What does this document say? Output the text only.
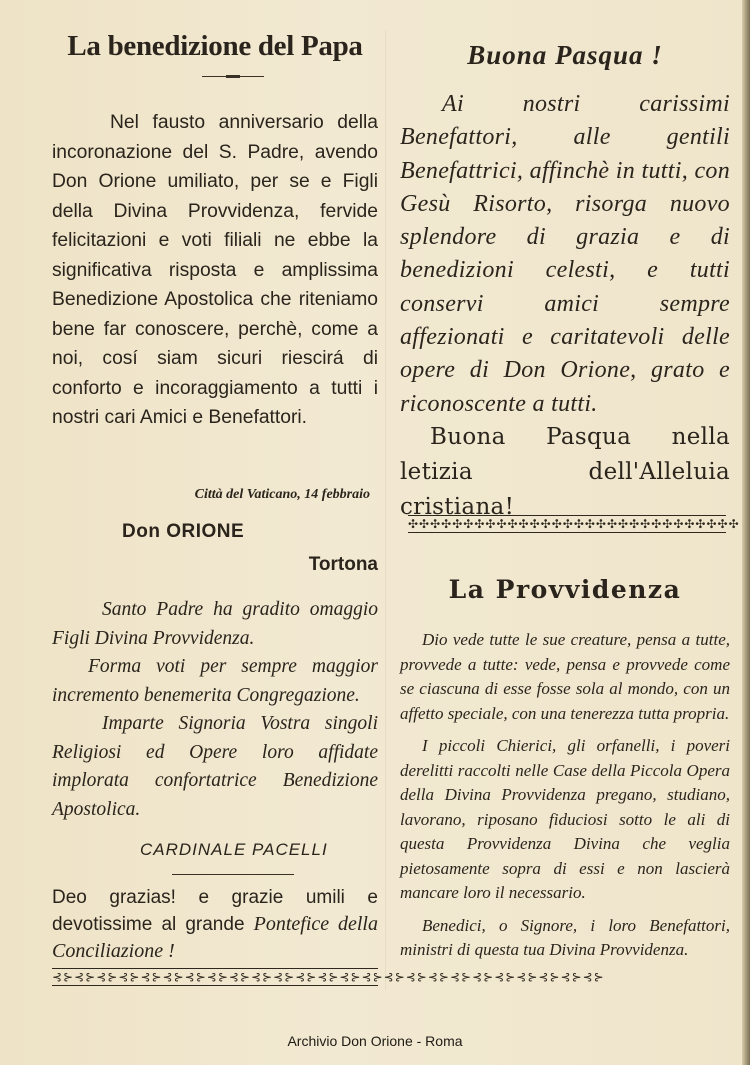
La benedizione del Papa

Nel fausto anniversario della incoronazione del S. Padre, avendo Don Orione umiliato, per se e Figli della Divina Provvidenza, fervide felicitazioni e voti filiali ne ebbe la significativa risposta e amplissima Benedizione Apostolica che riteniamo bene far conoscere, perchè, come a noi, cosí siam sicuri riescirá di conforto e incoraggiamento a tutti i nostri cari Amici e Benefattori.

Città del Vaticano, 14 febbraio

Don ORIONE

Tortona

Santo Padre ha gradito omaggio Figli Divina Provvidenza.
Forma voti per sempre maggior incremento benemerita Congregazione.
Imparte Signoria Vostra singoli Religiosi ed Opere loro affidate implorata confortatrice Benedizione Apostolica.

CARDINALE PACELLI

Deo grazias! e grazie umili e devotissime al grande Pontefice della Conciliazione !

⊰⊱⊰⊱⊰⊱⊰⊱⊰⊱⊰⊱⊰⊱⊰⊱⊰⊱⊰⊱⊰⊱⊰⊱⊰⊱⊰⊱⊰⊱⊰⊱⊰⊱⊰⊱⊰⊱⊰⊱⊰⊱⊰⊱⊰⊱⊰⊱⊰⊱
Buona Pasqua !

Ai nostri carissimi Benefattori, alle gentili Benefattrici, affinchè in tutti, con Gesù Risorto, risorga nuovo splendore di grazia e di benedizioni celesti, e tutti conservi amici sempre affezionati e caritatevoli delle opere di Don Orione, grato e riconoscente a tutti.

Buona Pasqua nella letizia dell'Alleluia cristiana!

✣✣✣✣✣✣✣✣✣✣✣✣✣✣✣✣✣✣✣✣✣✣✣✣✣✣✣✣✣✣
La Provvidenza

Dio vede tutte le sue creature, pensa a tutte, provvede a tutte: vede, pensa e provvede come se ciascuna di esse fosse sola al mondo, con un affetto speciale, con una tenerezza tutta propria.

I piccoli Chierici, gli orfanelli, i poveri derelitti raccolti nelle Case della Piccola Opera della Divina Provvidenza pregano, studiano, lavorano, riposano fiduciosi sotto le ali di questa Provvidenza Divina che veglia pietosamente sopra di essi e non lascierà mancare loro il necessario.

Benedici, o Signore, i loro Benefattori, ministri di questa tua Divina Provvidenza.

Archivio Don Orione - Roma
